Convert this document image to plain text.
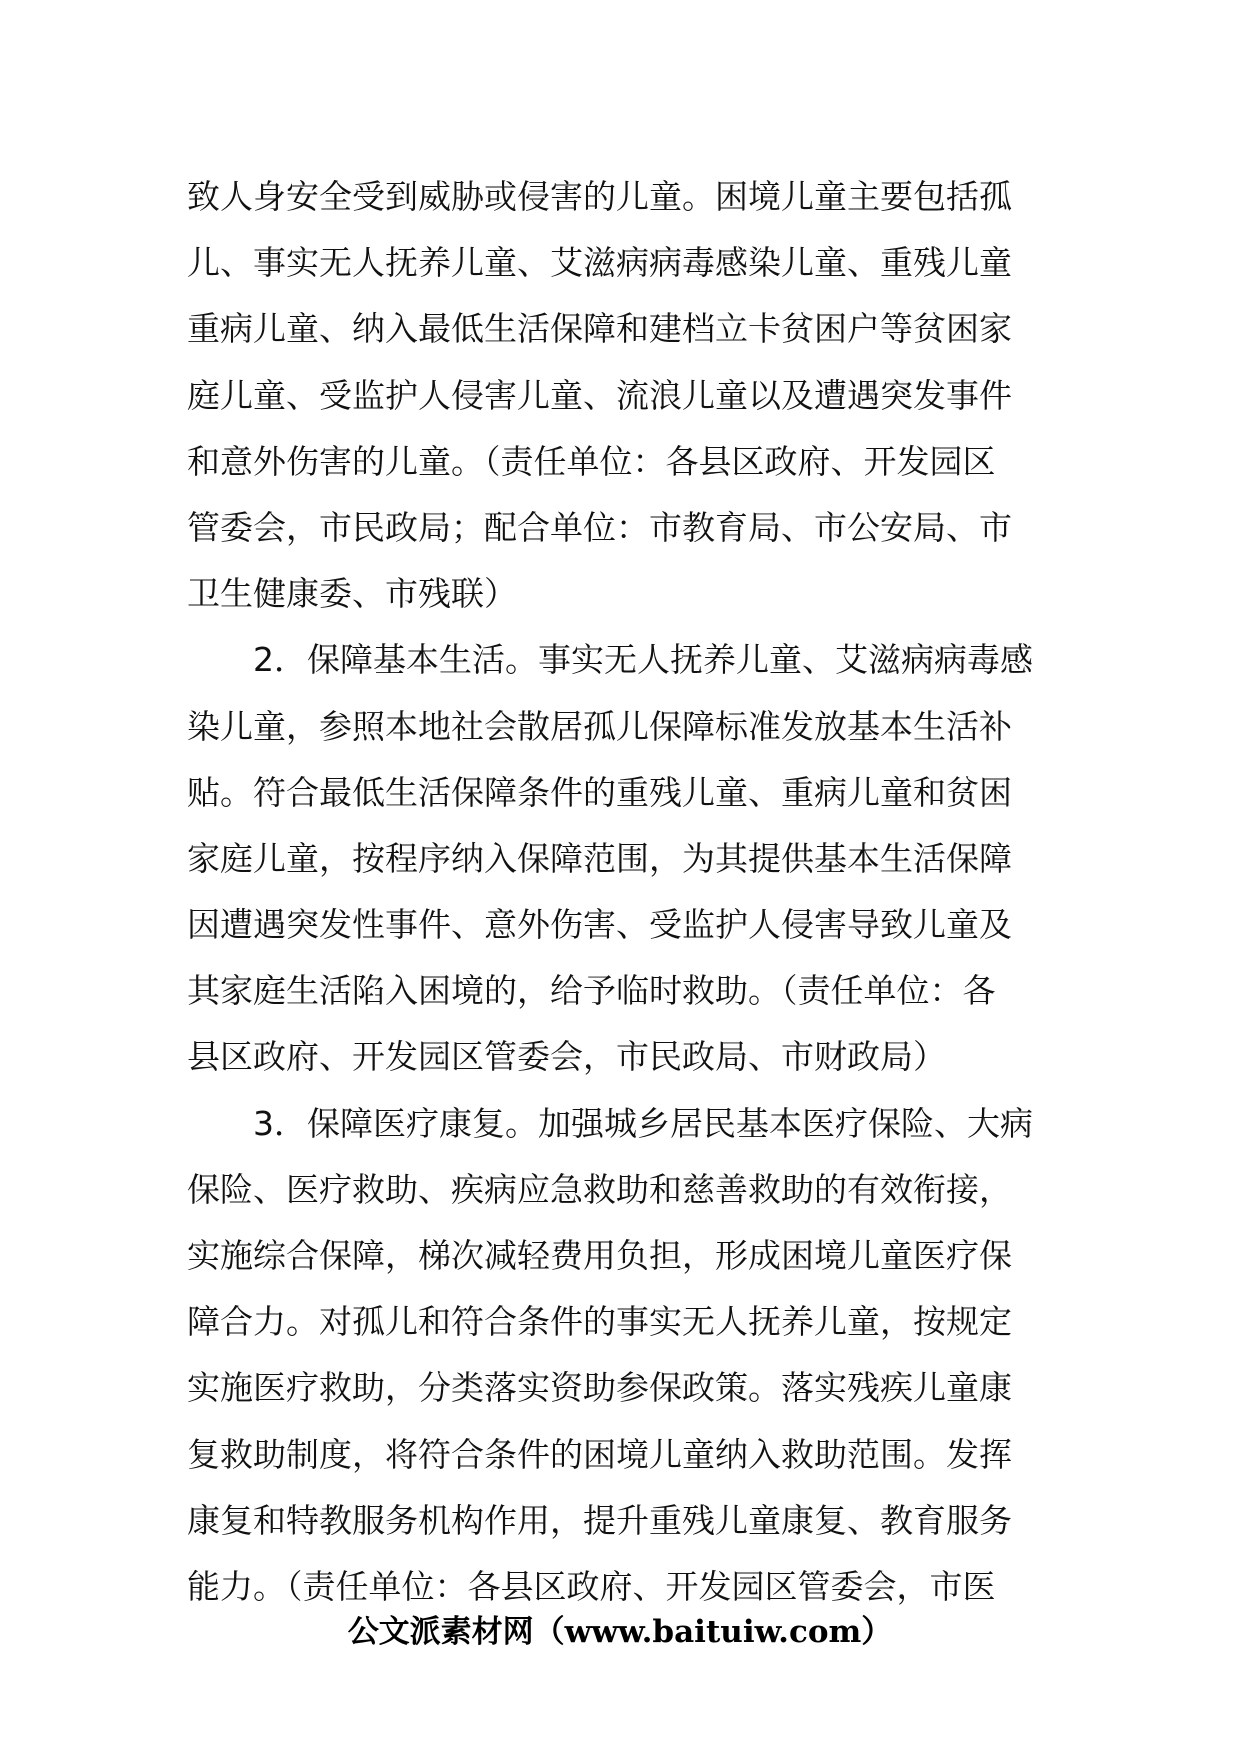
致人身安全受到威胁或侵害的儿童。困境儿童主要包括孤
儿、事实无人抚养儿童、艾滋病病毒感染儿童、重残儿童
重病儿童、纳入最低生活保障和建档立卡贫困户等贫困家
庭儿童、受监护人侵害儿童、流浪儿童以及遭遇突发事件
和意外伤害的儿童。（责任单位：各县区政府、开发园区
管委会，市民政局；配合单位：市教育局、市公安局、市
卫生健康委、市残联）
2．保障基本生活。事实无人抚养儿童、艾滋病病毒感
染儿童，参照本地社会散居孤儿保障标准发放基本生活补
贴。符合最低生活保障条件的重残儿童、重病儿童和贫困
家庭儿童，按程序纳入保障范围，为其提供基本生活保障
因遭遇突发性事件、意外伤害、受监护人侵害导致儿童及
其家庭生活陷入困境的，给予临时救助。（责任单位：各
县区政府、开发园区管委会，市民政局、市财政局）
3．保障医疗康复。加强城乡居民基本医疗保险、大病
保险、医疗救助、疾病应急救助和慈善救助的有效衔接，
实施综合保障，梯次减轻费用负担，形成困境儿童医疗保
障合力。对孤儿和符合条件的事实无人抚养儿童，按规定
实施医疗救助，分类落实资助参保政策。落实残疾儿童康
复救助制度，将符合条件的困境儿童纳入救助范围。发挥
康复和特教服务机构作用，提升重残儿童康复、教育服务
能力。（责任单位：各县区政府、开发园区管委会，市医
公文派素材网（www.baituiw.com）
